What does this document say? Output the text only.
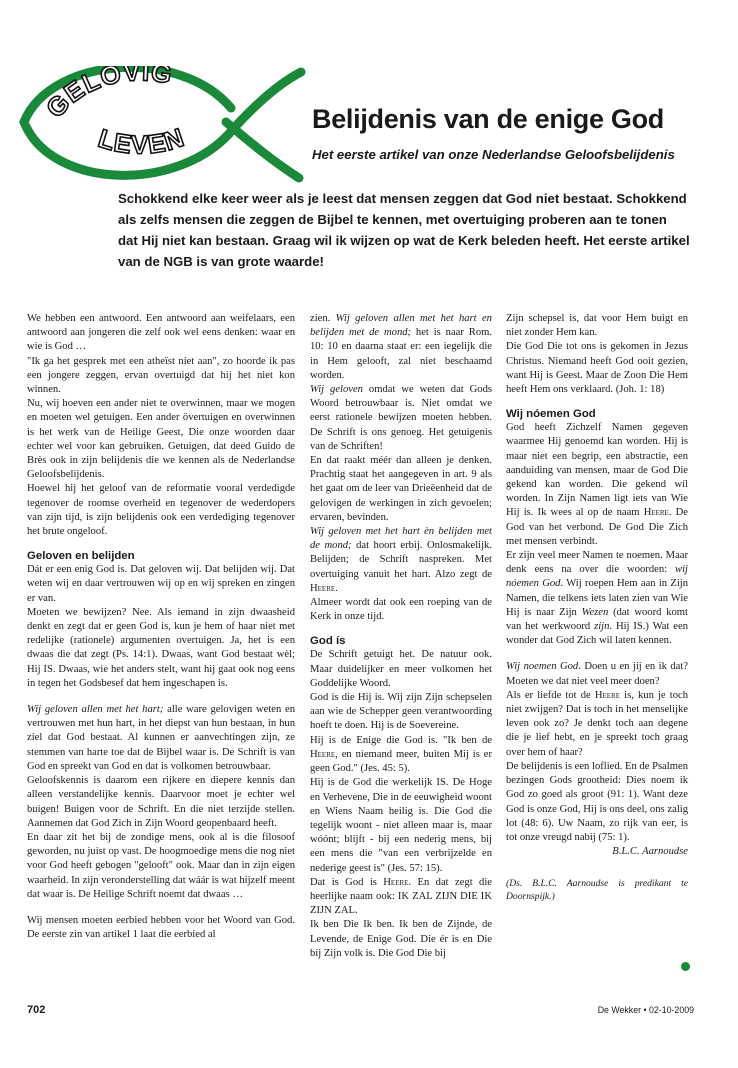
GELOVIG
LEVEN
Belijdenis van de enige God
Het eerste artikel van onze Nederlandse Geloofsbelijdenis

Schokkend elke keer weer als je leest dat mensen zeggen dat God niet bestaat. Schokkend als zelfs mensen die zeggen de Bijbel te kennen, met overtuiging proberen aan te tonen dat Hij niet kan bestaan. Graag wil ik wijzen op wat de Kerk beleden heeft. Het eerste artikel van de NGB is van grote waarde!

We hebben een antwoord. Een antwoord aan weifelaars, een antwoord aan jongeren die zelf ook wel eens denken: waar en wie is God …

"Ik ga het gesprek met een atheïst niet aan", zo hoorde ik pas een jongere zeggen, ervan overtuigd dat hij het niet kon winnen.

Nu, wij hoeven een ander niet te overwinnen, maar we mogen en moeten wel getuigen. Een ander övertuigen en overwinnen is het werk van de Heilige Geest, Die onze woorden daar echter wel voor kan gebruiken. Getuigen, dat deed Guido de Brès ook in zijn belijdenis die we kennen als de Nederlandse Geloofsbelijdenis.

Hoewel hij het geloof van de reformatie vooral verdedigde tegenover de roomse overheid en tegenover de wederdopers van zijn tijd, is zijn belijdenis ook een verdediging tegenover het brute ongeloof.

Geloven en belijden

Dát er een enig God is. Dat geloven wij. Dat belijden wij. Dat weten wij en daar vertrouwen wij op en wij spreken en zingen er van.

Moeten we bewijzen? Nee. Als iemand in zijn dwaasheid denkt en zegt dat er geen God is, kun je hem of haar niet met redelijke (rationele) argumenten overtuigen. Ja, het is een dwaas die dat zegt (Ps. 14:1). Dwaas, want God bestaat wèl; Hij IS. Dwaas, wie het anders stelt, want hij gaat ook nog eens in tegen het Godsbesef dat hem ingeschapen is.

Wij geloven allen met het hart; alle ware gelovigen weten en vertrouwen met hun hart, in het diepst van hun bestaan, in hun ziel dat God bestaat. Al kunnen er aanvechtingen zijn, ze stemmen van harte toe dat de Bijbel waar is. De Schrift is van God en spreekt van God en dat is volkomen betrouwbaar.

Geloofskennis is daarom een rijkere en diepere kennis dan alleen verstandelijke kennis. Daarvoor moet je echter wel buigen! Buigen voor de Schrift. En die niet terzijde stellen. Aannemen dat God Zich in Zijn Woord geopenbaard heeft.

En daar zit het bij de zondige mens, ook al is die filosoof geworden, nu juist op vast. De hoogmoedige mens die nog niet voor God heeft gebogen "gelooft" ook. Maar dan in zijn eigen waarheid. In zijn veronderstelling dat wáár is wat hijzelf meent dat waar is. De Heilige Schrift noemt dat dwaas …

Wij mensen moeten eerbied hebben voor het Woord van God. De eerste zin van artikel 1 laat die eerbied al

zien. Wij geloven allen met het hart en belijden met de mond; het is naar Rom. 10: 10 en daarna staat er: een iegelijk die in Hem gelooft, zal niet beschaamd worden.

Wij geloven omdat we weten dat Gods Woord betrouwbaar is. Niet omdat we eerst rationele bewijzen moeten hebben. De Schrift is ons genoeg. Het getuigenis van de Schriften!

En dat raakt méér dan alleen je denken. Prachtig staat het aangegeven in art. 9 als het gaat om de leer van Drieëenheid dat de gelovigen de werkingen in zich gevoelen; ervaren, bevinden.

Wij geloven met het hart èn belijden met de mond; dat hoort erbij. Onlosmakelijk. Belijden; de Schrift naspreken. Met overtuiging vanuit het hart. Alzo zegt de Heere.

Almeer wordt dat ook een roeping van de Kerk in onze tijd.

God ís

De Schrift getuigt het. De natuur ook. Maar duidelijker en meer volkomen het Goddelijke Woord.

God is die Hij is. Wij zijn Zijn schepselen aan wie de Schepper geen verantwoording hoeft te doen. Hij is de Soevereine.

Hij is de Enige die God is. "Ik ben de Heere, en niemand meer, buiten Mij is er geen God." (Jes. 45: 5).

Hij is de God die werkelijk IS. De Hoge en Verhevene, Die in de eeuwigheid woont en Wiens Naam heilig is. Die God die tegelijk woont - niet alleen maar is, maar wóónt; blijft - bij een nederig mens, bij een mens die "van een verbrijzelde en nederige geest is" (Jes. 57: 15).

Dat is God is Heere. En dat zegt die heerlijke naam ook: IK ZAL ZIJN DIE IK ZIJN ZAL.

Ik ben Die Ik ben. Ik ben de Zijnde, de Levende, de Enige God. Die ér is en Die bíj Zijn volk is. Die God Die bij

Zijn schepsel is, dat voor Hem buigt en niet zonder Hem kan.

Die God Die tot ons is gekomen in Jezus Christus. Niemand heeft God ooit gezien, want Hij is Geest. Maar de Zoon Die Hem heeft Hem ons verklaard. (Joh. 1: 18)

Wij nóemen God

God heeft Zichzelf Namen gegeven waarmee Hij genoemd kan worden. Hij is maar niet een begrip, een abstractie, een aanduiding van mensen, maar de God Die gekend kan worden. Die gekend wíl worden. In Zijn Namen ligt iets van Wie Hij is. Ik wees al op de naam Heere. De God van het verbond. De God Die Zich met mensen verbindt.

Er zijn veel meer Namen te noemen. Maar denk eens na over die woorden: wij nóemen God. Wij roepen Hem aan in Zijn Namen, die telkens iets laten zien van Wie Hij is naar Zijn Wezen (dat woord komt van het werkwoord zijn. Hij IS.) Wat een wonder dat God Zich wil laten kennen.

Wij noemen God. Doen u en jij en ik dat? Moeten we dat niet veel meer doen?

Als er liefde tot de Heere is, kun je toch niet zwijgen? Dat is toch in het menselijke leven ook zo? Je denkt toch aan degene die je lief hebt, en je spreekt toch graag over hem of haar?

De belijdenis is een loflied. En de Psalmen bezingen Gods grootheid: Dies noem ik God zo goed als groot (91: 1). Want deze God is onze God, Hij is ons deel, ons zalig lot (48: 6). Uw Naam, zo rijk van eer, is tot onze vreugd nabij (75: 1).

B.L.C. Aarnoudse

(Ds. B.L.C. Aarnoudse is predikant te Doornspijk.)

702	De Wekker • 02-10-2009
